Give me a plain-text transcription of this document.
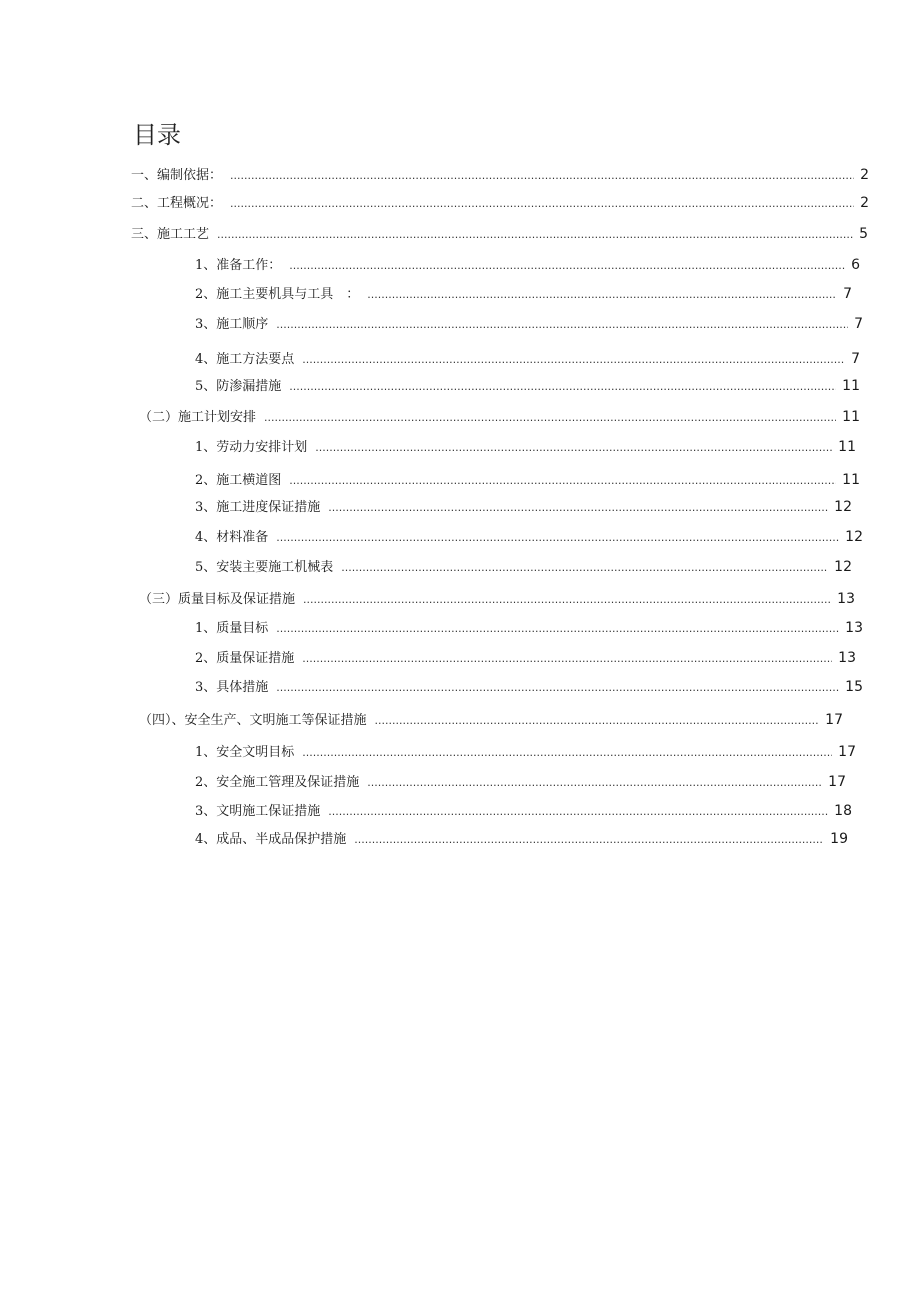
目录
一、编制依据： .....	2
二、工程概况： .....	2
三、施工工艺 .....	5
1、准备工作： .....	6
2、施工主要机具与工具　： .....	7
3、施工顺序 .....	7
4、施工方法要点 .....	7
5、防渗漏措施 .....	11
（二）施工计划安排 .....	11
1、劳动力安排计划 .....	11
2、施工横道图 .....	11
3、施工进度保证措施 .....	12
4、材料准备 .....	12
5、安装主要施工机械表 .....	12
（三）质量目标及保证措施 .....	13
1、质量目标 .....	13
2、质量保证措施 .....	13
3、具体措施 .....	15
（四）、安全生产、文明施工等保证措施 .....	17
1、安全文明目标 .....	17
2、安全施工管理及保证措施 .....	17
3、文明施工保证措施 .....	18
4、成品、半成品保护措施 .....	19
